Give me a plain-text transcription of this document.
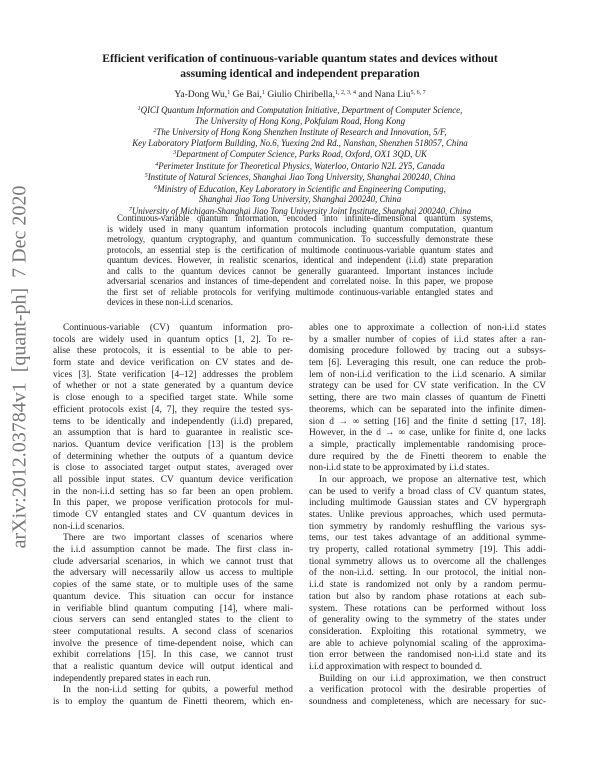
arXiv:2012.03784v1  [quant-ph]  7 Dec 2020
Efficient verification of continuous-variable quantum states and devices without
assuming identical and independent preparation
Ya-Dong Wu,$^1$ Ge Bai,$^1$ Giulio Chiribella,$^{1, 2, 3, 4}$ and Nana Liu$^{5, 6, 7}$
$^1$QICI Quantum Information and Computation Initiative, Department of Computer Science,
The University of Hong Kong, Pokfulam Road, Hong Kong
$^2$The University of Hong Kong Shenzhen Institute of Research and Innovation, 5/F,
Key Laboratory Platform Building, No.6, Yuexing 2nd Rd., Nanshan, Shenzhen 518057, China
$^3$Department of Computer Science, Parks Road, Oxford, OX1 3QD, UK
$^4$Perimeter Institute for Theoretical Physics, Waterloo, Ontario N2L 2Y5, Canada
$^5$Institute of Natural Sciences, Shanghai Jiao Tong University, Shanghai 200240, China
$^6$Ministry of Education, Key Laboratory in Scientific and Engineering Computing,
Shanghai Jiao Tong University, Shanghai 200240, China
$^7$University of Michigan-Shanghai Jiao Tong University Joint Institute, Shanghai 200240, China
Continuous-variable quantum information, encoded into infinite-dimensional quantum systems,
is widely used in many quantum information protocols including quantum computation, quantum
metrology, quantum cryptography, and quantum communication. To successfully demonstrate these
protocols, an essential step is the certification of multimode continuous-variable quantum states and
quantum devices. However, in realistic scenarios, identical and independent (i.i.d) state preparation
and calls to the quantum devices cannot be generally guaranteed. Important instances include
adversarial scenarios and instances of time-dependent and correlated noise. In this paper, we propose
the first set of reliable protocols for verifying multimode continuous-variable entangled states and
devices in these non-i.i.d scenarios.
Continuous-variable (CV) quantum information pro-
tocols are widely used in quantum optics [1, 2]. To re-
alise these protocols, it is essential to be able to per-
form state and device verification on CV states and de-
vices [3]. State verification [4–12] addresses the problem
of whether or not a state generated by a quantum device
is close enough to a specified target state. While some
efficient protocols exist [4, 7], they require the tested sys-
tems to be identically and independently (i.i.d) prepared,
an assumption that is hard to guarantee in realistic sce-
narios. Quantum device verification [13] is the problem
of determining whether the outputs of a quantum device
is close to associated target output states, averaged over
all possible input states. CV quantum device verification
in the non-i.i.d setting has so far been an open problem.
In this paper, we propose verification protocols for mul-
timode CV entangled states and CV quantum devices in
non-i.i.d scenarios.
There are two important classes of scenarios where
the i.i.d assumption cannot be made. The first class in-
clude adversarial scenarios, in which we cannot trust that
the adversary will necessarily allow us access to multiple
copies of the same state, or to multiple uses of the same
quantum device. This situation can occur for instance
in verifiable blind quantum computing [14], where mali-
cious servers can send entangled states to the client to
steer computational results. A second class of scenarios
involve the presence of time-dependent noise, which can
exhibit correlations [15]. In this case, we cannot trust
that a realistic quantum device will output identical and
independently prepared states in each run.
In the non-i.i.d setting for qubits, a powerful method
is to employ the quantum de Finetti theorem, which en-
ables one to approximate a collection of non-i.i.d states
by a smaller number of copies of i.i.d states after a ran-
domising procedure followed by tracing out a subsys-
tem [6]. Leveraging this result, one can reduce the prob-
lem of non-i.i.d verification to the i.i.d scenario. A similar
strategy can be used for CV state verification. In the CV
setting, there are two main classes of quantum de Finetti
theorems, which can be separated into the infinite dimen-
sion d → ∞ setting [16] and the finite d setting [17, 18].
However, in the d → ∞ case, unlike for finite d, one lacks
a simple, practically implementable randomising proce-
dure required by the de Finetti theorem to enable the
non-i.i.d state to be approximated by i.i.d states.
In our approach, we propose an alternative test, which
can be used to verify a broad class of CV quantum states,
including multimode Gaussian states and CV hypergraph
states. Unlike previous approaches, which used permuta-
tion symmetry by randomly reshuffling the various sys-
tems, our test takes advantage of an additional symme-
try property, called rotational symmetry [19]. This addi-
tional symmetry allows us to overcome all the challenges
of the non-i.i.d. setting. In our protocol, the initial non-
i.i.d state is randomized not only by a random permu-
tation but also by random phase rotations at each sub-
system. These rotations can be performed without loss
of generality owing to the symmetry of the states under
consideration. Exploiting this rotational symmetry, we
are able to achieve polynomial scaling of the approxima-
tion error between the randomised non-i.i.d state and its
i.i.d approximation with respect to bounded d.
Building on our i.i.d approximation, we then construct
a verification protocol with the desirable properties of
soundness and completeness, which are necessary for suc-
